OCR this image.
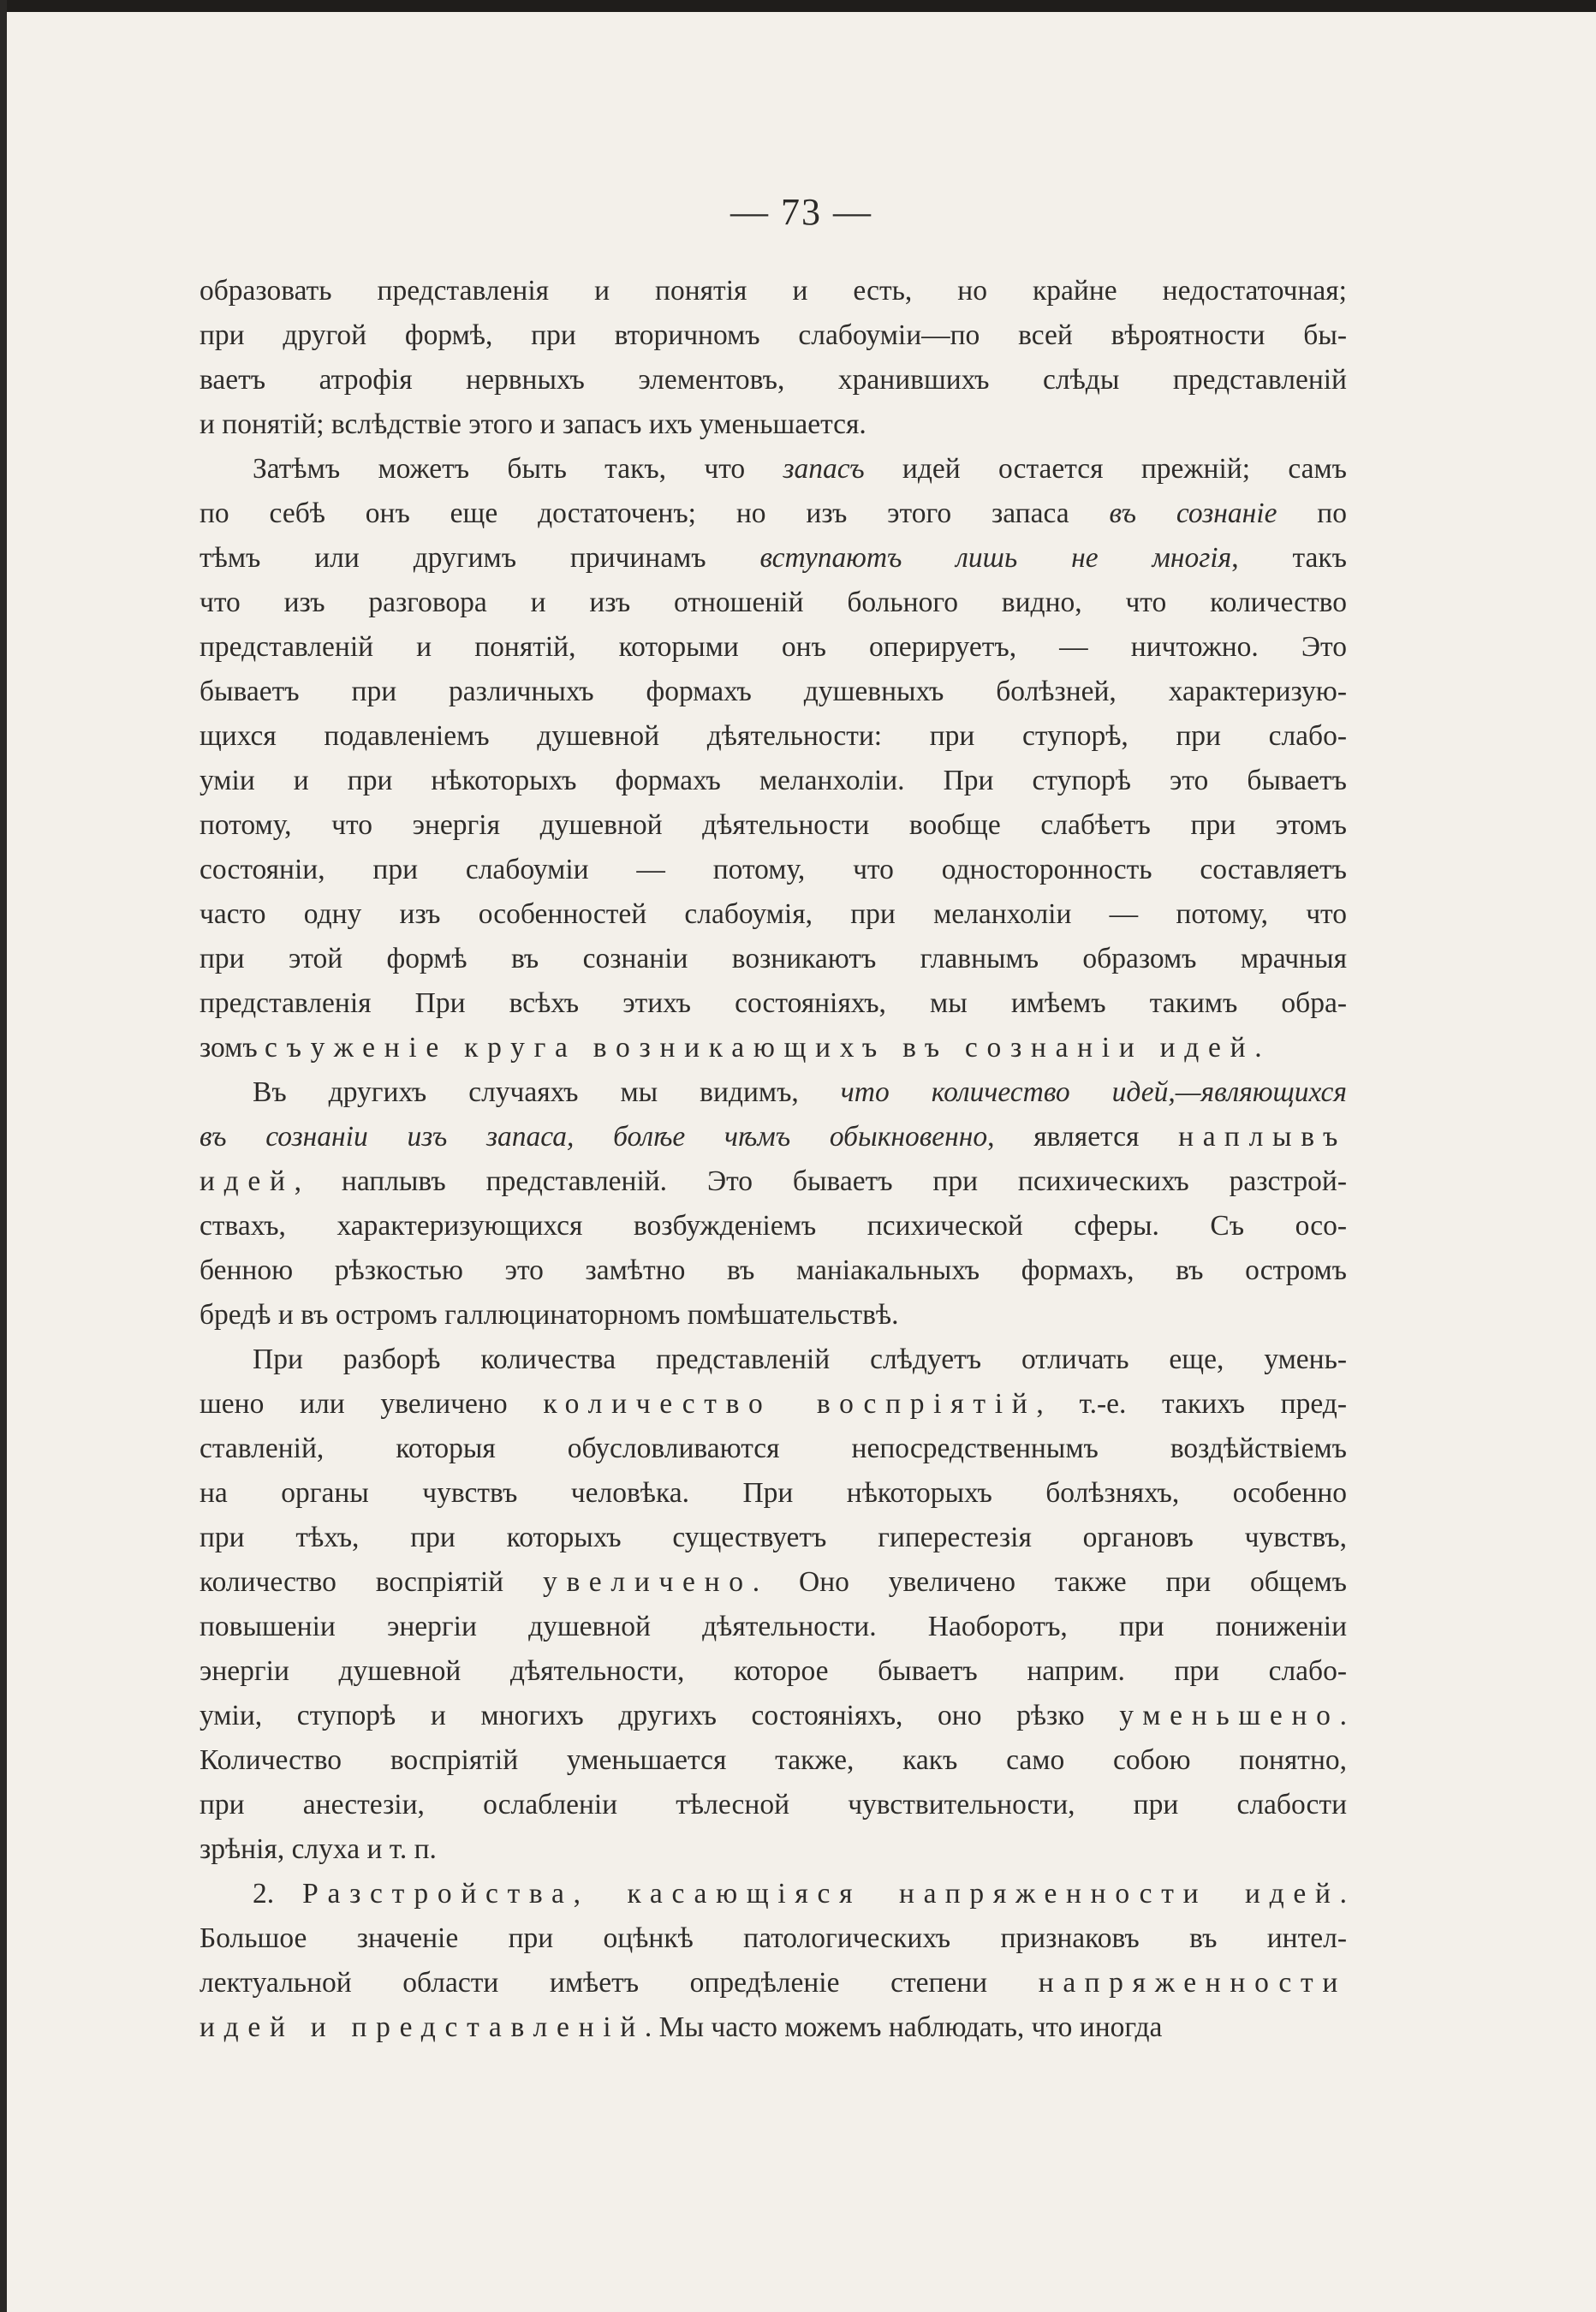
— 73 —
образовать представленія и понятія и есть, но крайне недостаточная;
при другой формѣ, при вторичномъ слабоуміи—по всей вѣроятности бы-
ваетъ атрофія нервныхъ элементовъ, хранившихъ слѣды представленій
и понятій; вслѣдствіе этого и запасъ ихъ уменьшается.
Затѣмъ можетъ быть такъ, что запасъ идей остается прежній; самъ
по себѣ онъ еще достаточенъ; но изъ этого запаса въ сознаніе по
тѣмъ или другимъ причинамъ вступаютъ лишь не многія, такъ
что изъ разговора и изъ отношеній больного видно, что количество
представленій и понятій, которыми онъ оперируетъ, — ничтожно. Это
бываетъ при различныхъ формахъ душевныхъ болѣзней, характеризую-
щихся подавленіемъ душевной дѣятельности: при ступорѣ, при слабо-
уміи и при нѣкоторыхъ формахъ меланхоліи. При ступорѣ это бываетъ
потому, что энергія душевной дѣятельности вообще слабѣетъ при этомъ
состояніи, при слабоуміи — потому, что односторонность составляетъ
часто одну изъ особенностей слабоумія, при меланхоліи — потому, что
при этой формѣ въ сознаніи возникаютъ главнымъ образомъ мрачныя
представленія При всѣхъ этихъ состояніяхъ, мы имѣемъ такимъ обра-
зомъ съуженіе круга возникающихъ въ сознаніи идей.
Въ другихъ случаяхъ мы видимъ, что количество идей,—являющихся
въ сознаніи изъ запаса, болѣе чѣмъ обыкновенно, является наплывъ
идей, наплывъ представленій. Это бываетъ при психическихъ разстрой-
ствахъ, характеризующихся возбужденіемъ психической сферы. Съ осо-
бенною рѣзкостью это замѣтно въ маніакальныхъ формахъ, въ остромъ
бредѣ и въ остромъ галлюцинаторномъ помѣшательствѣ.
При разборѣ количества представленій слѣдуетъ отличать еще, умень-
шено или увеличено количество воспріятій, т.-е. такихъ пред-
ставленій, которыя обусловливаются непосредственнымъ воздѣйствіемъ
на органы чувствъ человѣка. При нѣкоторыхъ болѣзняхъ, особенно
при тѣхъ, при которыхъ существуетъ гиперестезія органовъ чувствъ,
количество воспріятій увеличено. Оно увеличено также при общемъ
повышеніи энергіи душевной дѣятельности. Наоборотъ, при пониженіи
энергіи душевной дѣятельности, которое бываетъ наприм. при слабо-
уміи, ступорѣ и многихъ другихъ состояніяхъ, оно рѣзко уменьшено.
Количество воспріятій уменьшается также, какъ само собою понятно,
при анестезіи, ослабленіи тѣлесной чувствительности, при слабости
зрѣнія, слуха и т. п.
2. Разстройства, касающіяся напряженности идей.
Большое значеніе при оцѣнкѣ патологическихъ признаковъ въ интел-
лектуальной области имѣетъ опредѣленіе степени напряженности
идей и представленій. Мы часто можемъ наблюдать, что иногда
